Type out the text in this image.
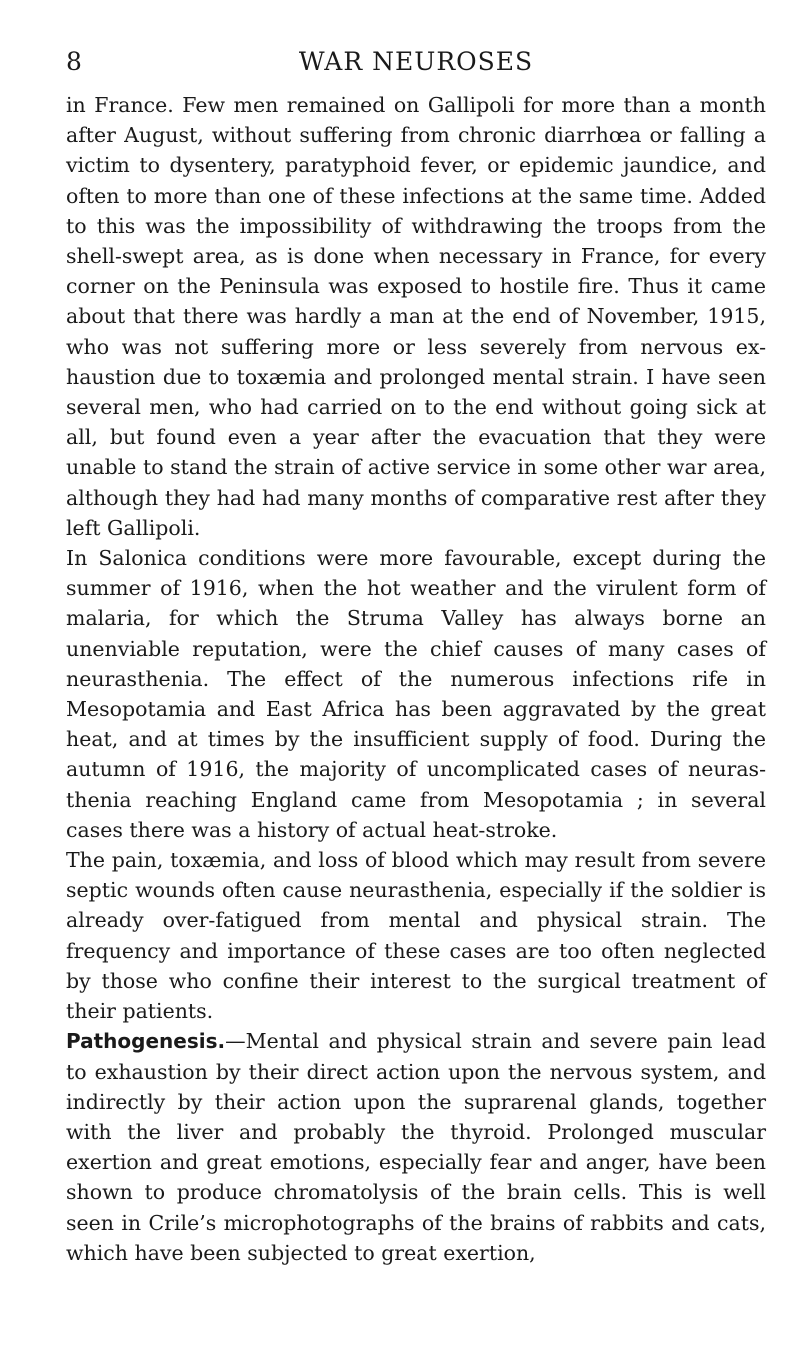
8	WAR NEUROSES

in France. Few men remained on Gallipoli for more than a month after August, without suffering from chronic diarrhœa or falling a victim to dysentery, paratyphoid fever, or epidemic jaundice, and often to more than one of these infections at the same time. Added to this was the impossibility of withdrawing the troops from the shell-swept area, as is done when necessary in France, for every corner on the Peninsula was exposed to hostile fire. Thus it came about that there was hardly a man at the end of November, 1915, who was not suffering more or less severely from nervous ex- haustion due to toxæmia and prolonged mental strain. I have seen several men, who had carried on to the end without going sick at all, but found even a year after the evacuation that they were unable to stand the strain of active service in some other war area, although they had had many months of comparative rest after they left Gallipoli.

In Salonica conditions were more favourable, except during the summer of 1916, when the hot weather and the virulent form of malaria, for which the Struma Valley has always borne an unenviable reputation, were the chief causes of many cases of neurasthenia. The effect of the numerous infections rife in Mesopotamia and East Africa has been aggravated by the great heat, and at times by the insufficient supply of food. During the autumn of 1916, the majority of uncomplicated cases of neuras- thenia reaching England came from Mesopotamia ; in several cases there was a history of actual heat-stroke.

The pain, toxæmia, and loss of blood which may result from severe septic wounds often cause neurasthenia, especially if the soldier is already over-fatigued from mental and physical strain. The frequency and importance of these cases are too often neglected by those who confine their interest to the surgical treatment of their patients.

Pathogenesis.—Mental and physical strain and severe pain lead to exhaustion by their direct action upon the nervous system, and indirectly by their action upon the suprarenal glands, together with the liver and probably the thyroid. Prolonged muscular exertion and great emotions, especially fear and anger, have been shown to produce chromatolysis of the brain cells. This is well seen in Crile’s microphotographs of the brains of rabbits and cats, which have been subjected to great exertion,
